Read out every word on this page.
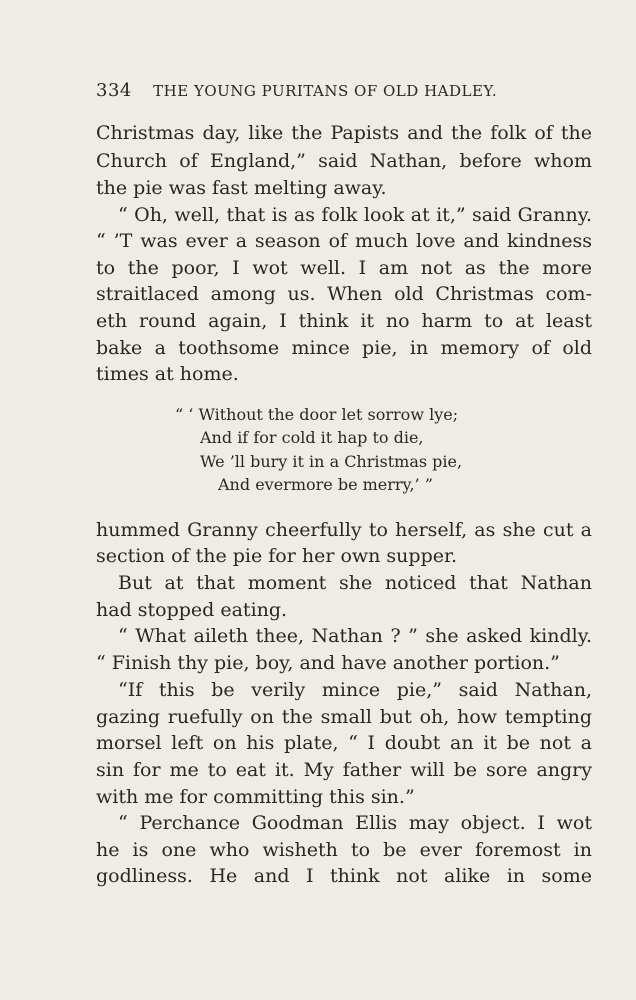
334 THE YOUNG PURITANS OF OLD HADLEY.
Christmas day, like the Papists and the folk of the
Church of England,” said Nathan, before whom
the pie was fast melting away.
“ Oh, well, that is as folk look at it,” said Granny.
“ ’T was ever a season of much love and kindness
to the poor, I wot well. I am not as the more
straitlaced among us. When old Christmas com-
eth round again, I think it no harm to at least
bake a toothsome mince pie, in memory of old
times at home.
“ ‘ Without the door let sorrow lye;
And if for cold it hap to die,
We ’ll bury it in a Christmas pie,
And evermore be merry,’ ”
hummed Granny cheerfully to herself, as she cut a
section of the pie for her own supper.
But at that moment she noticed that Nathan
had stopped eating.
“ What aileth thee, Nathan ? ” she asked kindly.
“ Finish thy pie, boy, and have another portion.”
“If this be verily mince pie,” said Nathan,
gazing ruefully on the small but oh, how tempting
morsel left on his plate, “ I doubt an it be not a
sin for me to eat it. My father will be sore angry
with me for committing this sin.”
“ Perchance Goodman Ellis may object. I wot
he is one who wisheth to be ever foremost in
godliness. He and I think not alike in some
